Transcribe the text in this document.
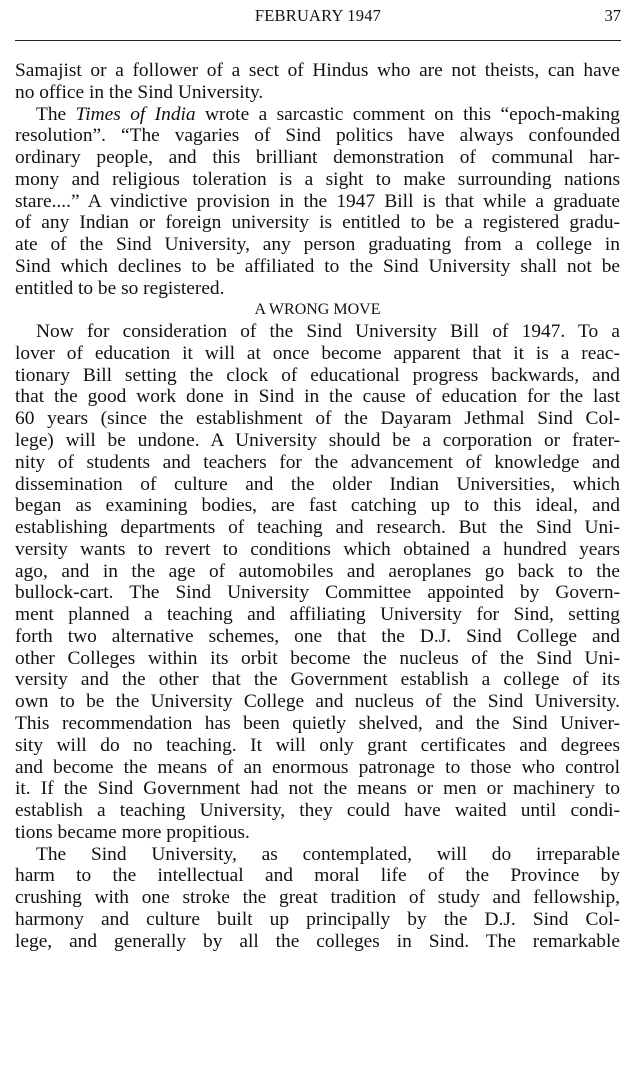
FEBRUARY 1947	37
Samajist or a follower of a sect of Hindus who are not theists, can have
no office in the Sind University.
The Times of India wrote a sarcastic comment on this “epoch-making
resolution”. “The vagaries of Sind politics have always confounded
ordinary people, and this brilliant demonstration of communal har-
mony and religious toleration is a sight to make surrounding nations
stare....” A vindictive provision in the 1947 Bill is that while a graduate
of any Indian or foreign university is entitled to be a registered gradu-
ate of the Sind University, any person graduating from a college in
Sind which declines to be affiliated to the Sind University shall not be
entitled to be so registered.
A WRONG MOVE
Now for consideration of the Sind University Bill of 1947. To a
lover of education it will at once become apparent that it is a reac-
tionary Bill setting the clock of educational progress backwards, and
that the good work done in Sind in the cause of education for the last
60 years (since the establishment of the Dayaram Jethmal Sind Col-
lege) will be undone. A University should be a corporation or frater-
nity of students and teachers for the advancement of knowledge and
dissemination of culture and the older Indian Universities, which
began as examining bodies, are fast catching up to this ideal, and
establishing departments of teaching and research. But the Sind Uni-
versity wants to revert to conditions which obtained a hundred years
ago, and in the age of automobiles and aeroplanes go back to the
bullock-cart. The Sind University Committee appointed by Govern-
ment planned a teaching and affiliating University for Sind, setting
forth two alternative schemes, one that the D.J. Sind College and
other Colleges within its orbit become the nucleus of the Sind Uni-
versity and the other that the Government establish a college of its
own to be the University College and nucleus of the Sind University.
This recommendation has been quietly shelved, and the Sind Univer-
sity will do no teaching. It will only grant certificates and degrees
and become the means of an enormous patronage to those who control
it. If the Sind Government had not the means or men or machinery to
establish a teaching University, they could have waited until condi-
tions became more propitious.
The Sind University, as contemplated, will do irreparable
harm to the intellectual and moral life of the Province by
crushing with one stroke the great tradition of study and fellowship,
harmony and culture built up principally by the D.J. Sind Col-
lege, and generally by all the colleges in Sind. The remarkable
